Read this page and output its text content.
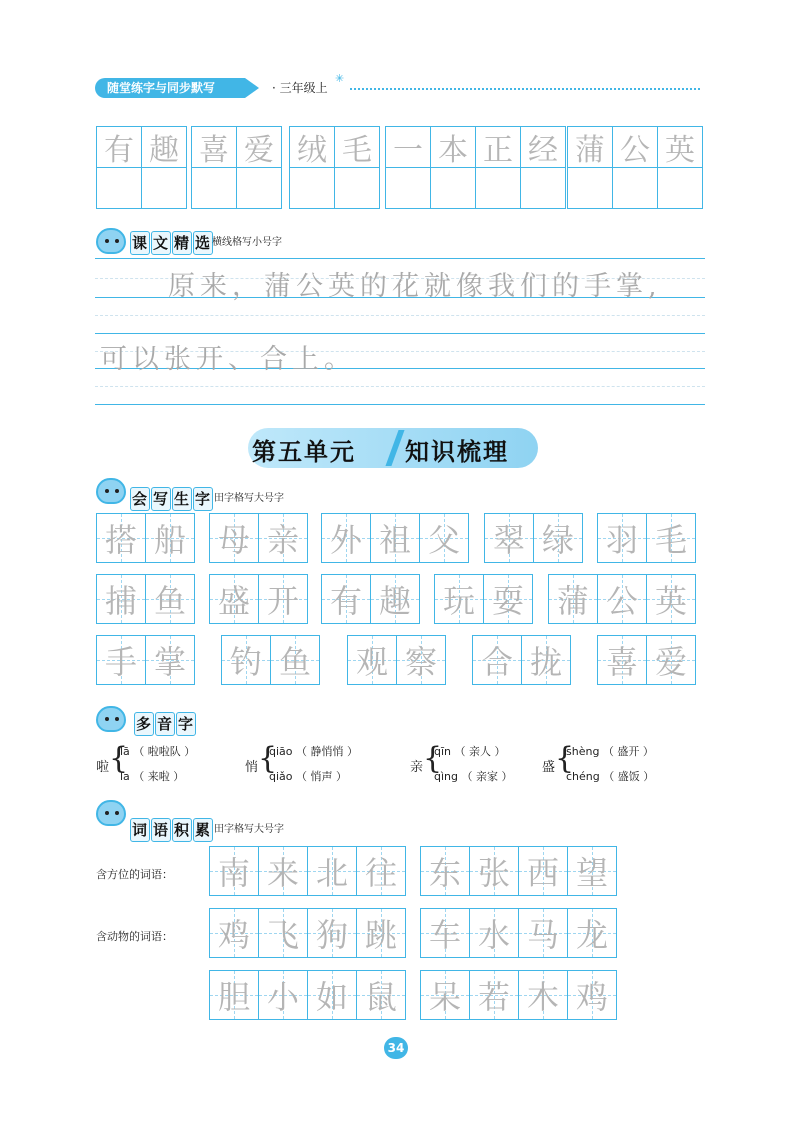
随堂练字与同步默写	· 三年级上
✳
有 趣 喜 爱 绒 毛 一 本 正 经 蒲 公 英
课 文 精 选 横线格写小号字
原来，蒲公英的花就像我们的手掌,
可以张开、合上。
第五单元 知识梳理
会 写 生 字 田字格写大号字
搭 船 母 亲 外 祖 父 翠 绿 羽 毛
捕 鱼 盛 开 有 趣 玩 耍 蒲 公 英
手 掌 钓 鱼 观 察 合 拢 喜 爱
多 音 字
啦 {
lā （ 啦啦队 ）
la （ 来啦 ）
悄 {
qiāo （ 静悄悄 ）
qiǎo （ 悄声 ）
亲 {
qīn （ 亲人 ）
qìng （ 亲家 ）
盛 {
shèng （ 盛开 ）
chéng （ 盛饭 ）
词 语 积 累 田字格写大号字
含方位的词语：
含动物的词语：
南 来 北 往 东 张 西 望
鸡 飞 狗 跳 车 水 马 龙
胆 小 如 鼠 呆 若 木 鸡
34
